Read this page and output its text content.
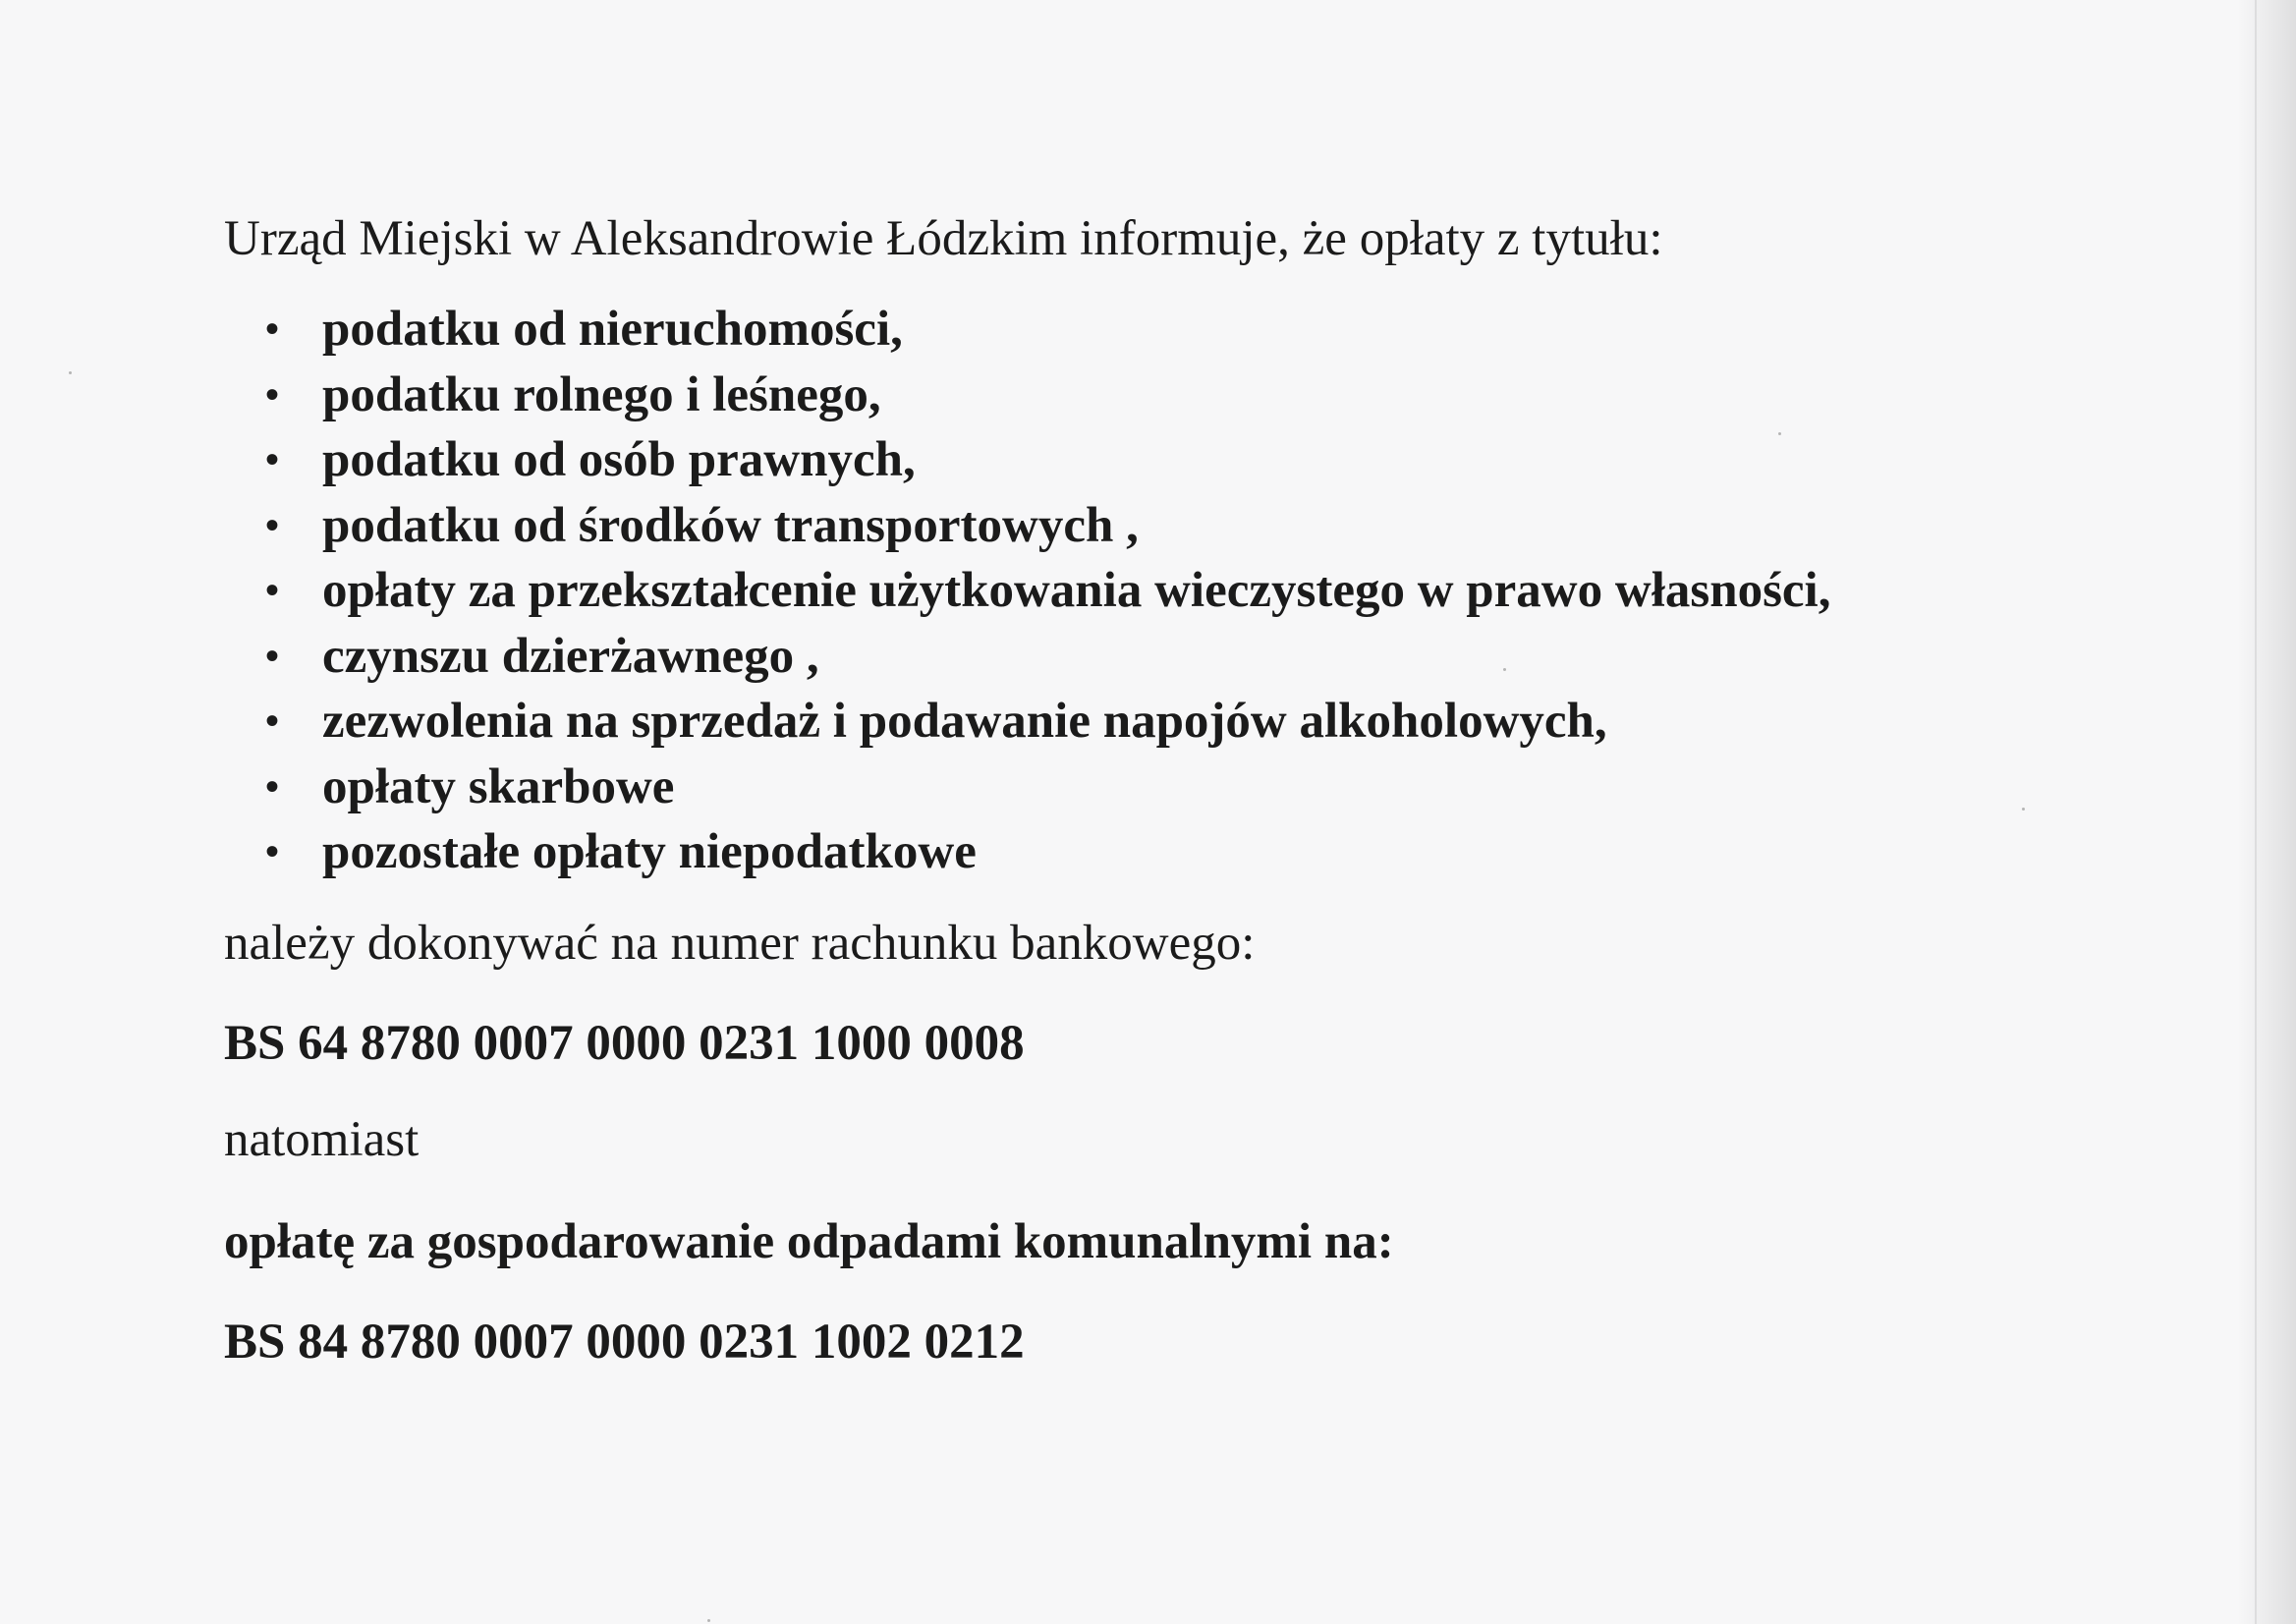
Urząd Miejski w Aleksandrowie Łódzkim informuje, że opłaty z tytułu:

• podatku od nieruchomości,
• podatku rolnego i leśnego,
• podatku od osób prawnych,
• podatku od środków transportowych ,
• opłaty za przekształcenie użytkowania wieczystego w prawo własności,
• czynszu dzierżawnego ,
• zezwolenia na sprzedaż i podawanie napojów alkoholowych,
• opłaty skarbowe
• pozostałe opłaty niepodatkowe
należy dokonywać na numer rachunku bankowego:
BS 64 8780 0007 0000 0231 1000 0008
natomiast
opłatę za gospodarowanie odpadami komunalnymi na:
BS 84 8780 0007 0000 0231 1002 0212
